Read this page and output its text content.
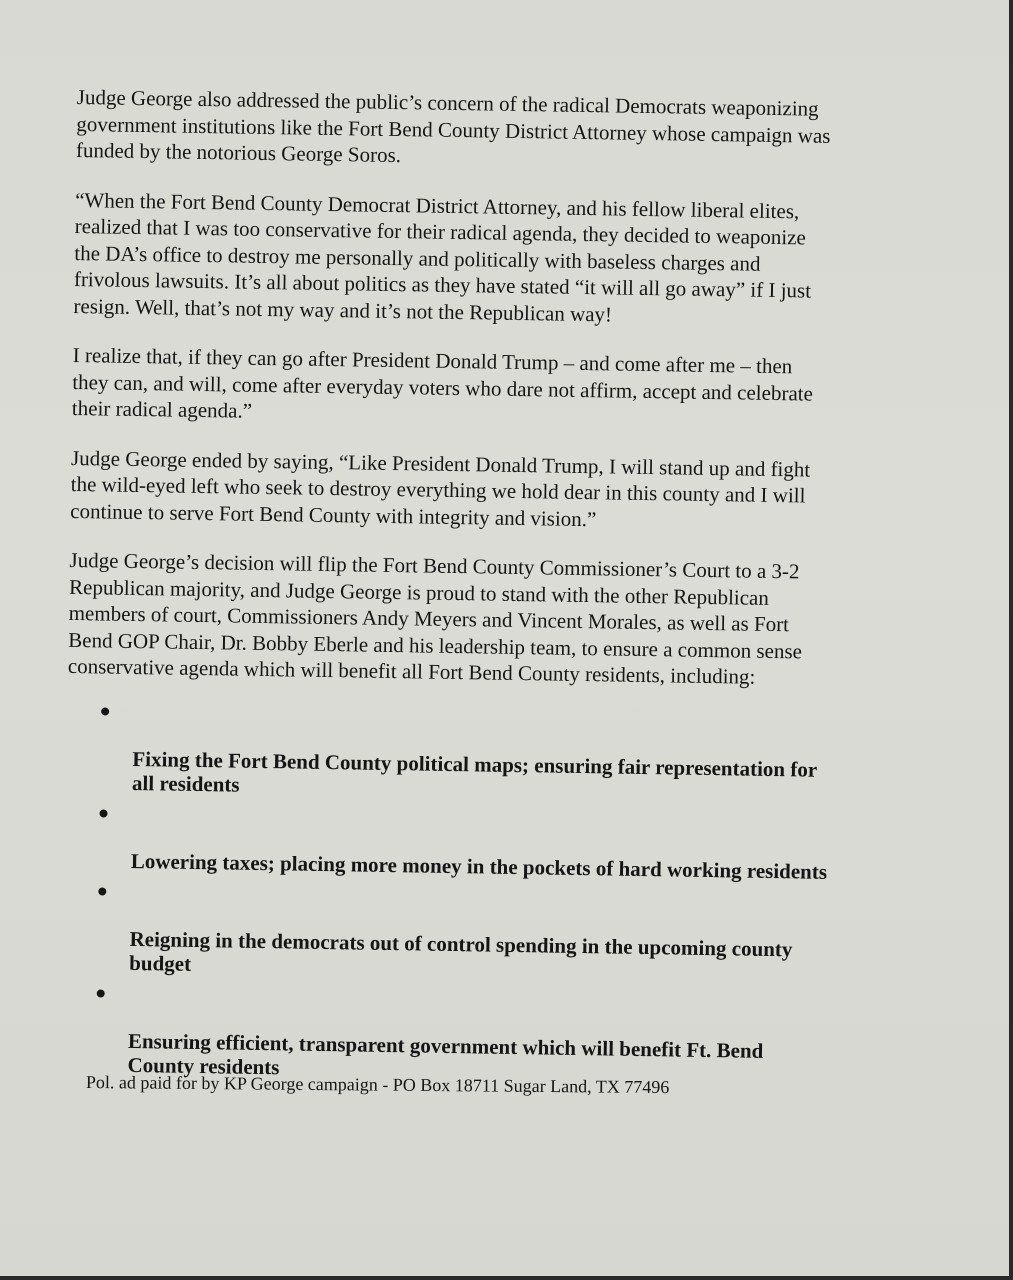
Judge George also addressed the public’s concern of the radical Democrats weaponizing
government institutions like the Fort Bend County District Attorney whose campaign was
funded by the notorious George Soros.

“When the Fort Bend County Democrat District Attorney, and his fellow liberal elites,
realized that I was too conservative for their radical agenda, they decided to weaponize
the DA’s office to destroy me personally and politically with baseless charges and
frivolous lawsuits. It’s all about politics as they have stated “it will all go away” if I just
resign. Well, that’s not my way and it’s not the Republican way!

I realize that, if they can go after President Donald Trump – and come after me – then
they can, and will, come after everyday voters who dare not affirm, accept and celebrate
their radical agenda.”

Judge George ended by saying, “Like President Donald Trump, I will stand up and fight
the wild-eyed left who seek to destroy everything we hold dear in this county and I will
continue to serve Fort Bend County with integrity and vision.”

Judge George’s decision will flip the Fort Bend County Commissioner’s Court to a 3-2
Republican majority, and Judge George is proud to stand with the other Republican
members of court, Commissioners Andy Meyers and Vincent Morales, as well as Fort
Bend GOP Chair, Dr. Bobby Eberle and his leadership team, to ensure a common sense
conservative agenda which will benefit all Fort Bend County residents, including:

Fixing the Fort Bend County political maps; ensuring fair representation for
all residents

Lowering taxes; placing more money in the pockets of hard working residents

Reigning in the democrats out of control spending in the upcoming county
budget

Ensuring efficient, transparent government which will benefit Ft. Bend
County residents

Pol. ad paid for by KP George campaign - PO Box 18711 Sugar Land, TX 77496
